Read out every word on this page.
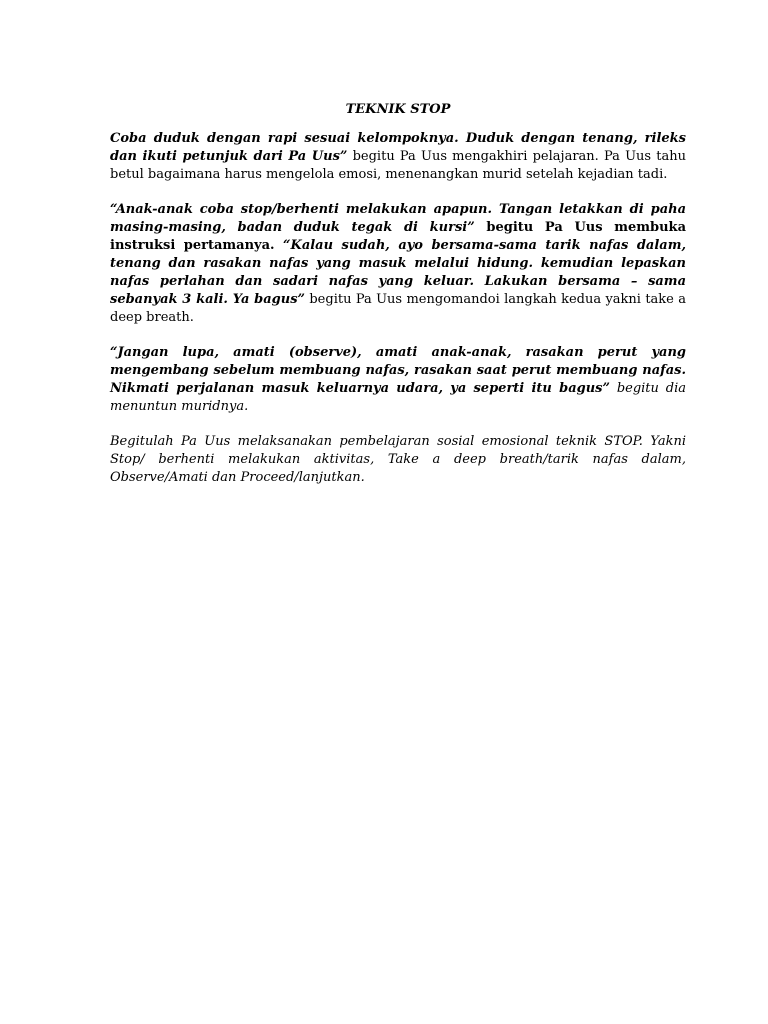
TEKNIK STOP

Coba duduk dengan rapi sesuai kelompoknya. Duduk dengan tenang, rileks dan ikuti petunjuk dari Pa Uus” begitu Pa Uus mengakhiri pelajaran. Pa Uus tahu betul bagaimana harus mengelola emosi, menenangkan murid setelah kejadian tadi.

“Anak-anak coba stop/berhenti melakukan apapun. Tangan letakkan di paha masing-masing, badan duduk tegak di kursi” begitu Pa Uus membuka instruksi pertamanya. “Kalau sudah, ayo bersama-sama tarik nafas dalam, tenang dan rasakan nafas yang masuk melalui hidung. kemudian lepaskan nafas perlahan dan sadari nafas yang keluar. Lakukan bersama – sama sebanyak 3 kali. Ya bagus” begitu Pa Uus mengomandoi langkah kedua yakni take a deep breath.

“Jangan lupa, amati (observe), amati anak-anak, rasakan perut yang mengembang sebelum membuang nafas, rasakan saat perut membuang nafas. Nikmati perjalanan masuk keluarnya udara, ya seperti itu bagus” begitu dia menuntun muridnya.

Begitulah Pa Uus melaksanakan pembelajaran sosial emosional teknik STOP. Yakni Stop/ berhenti melakukan aktivitas, Take a deep breath/tarik nafas dalam, Observe/Amati dan Proceed/lanjutkan.
